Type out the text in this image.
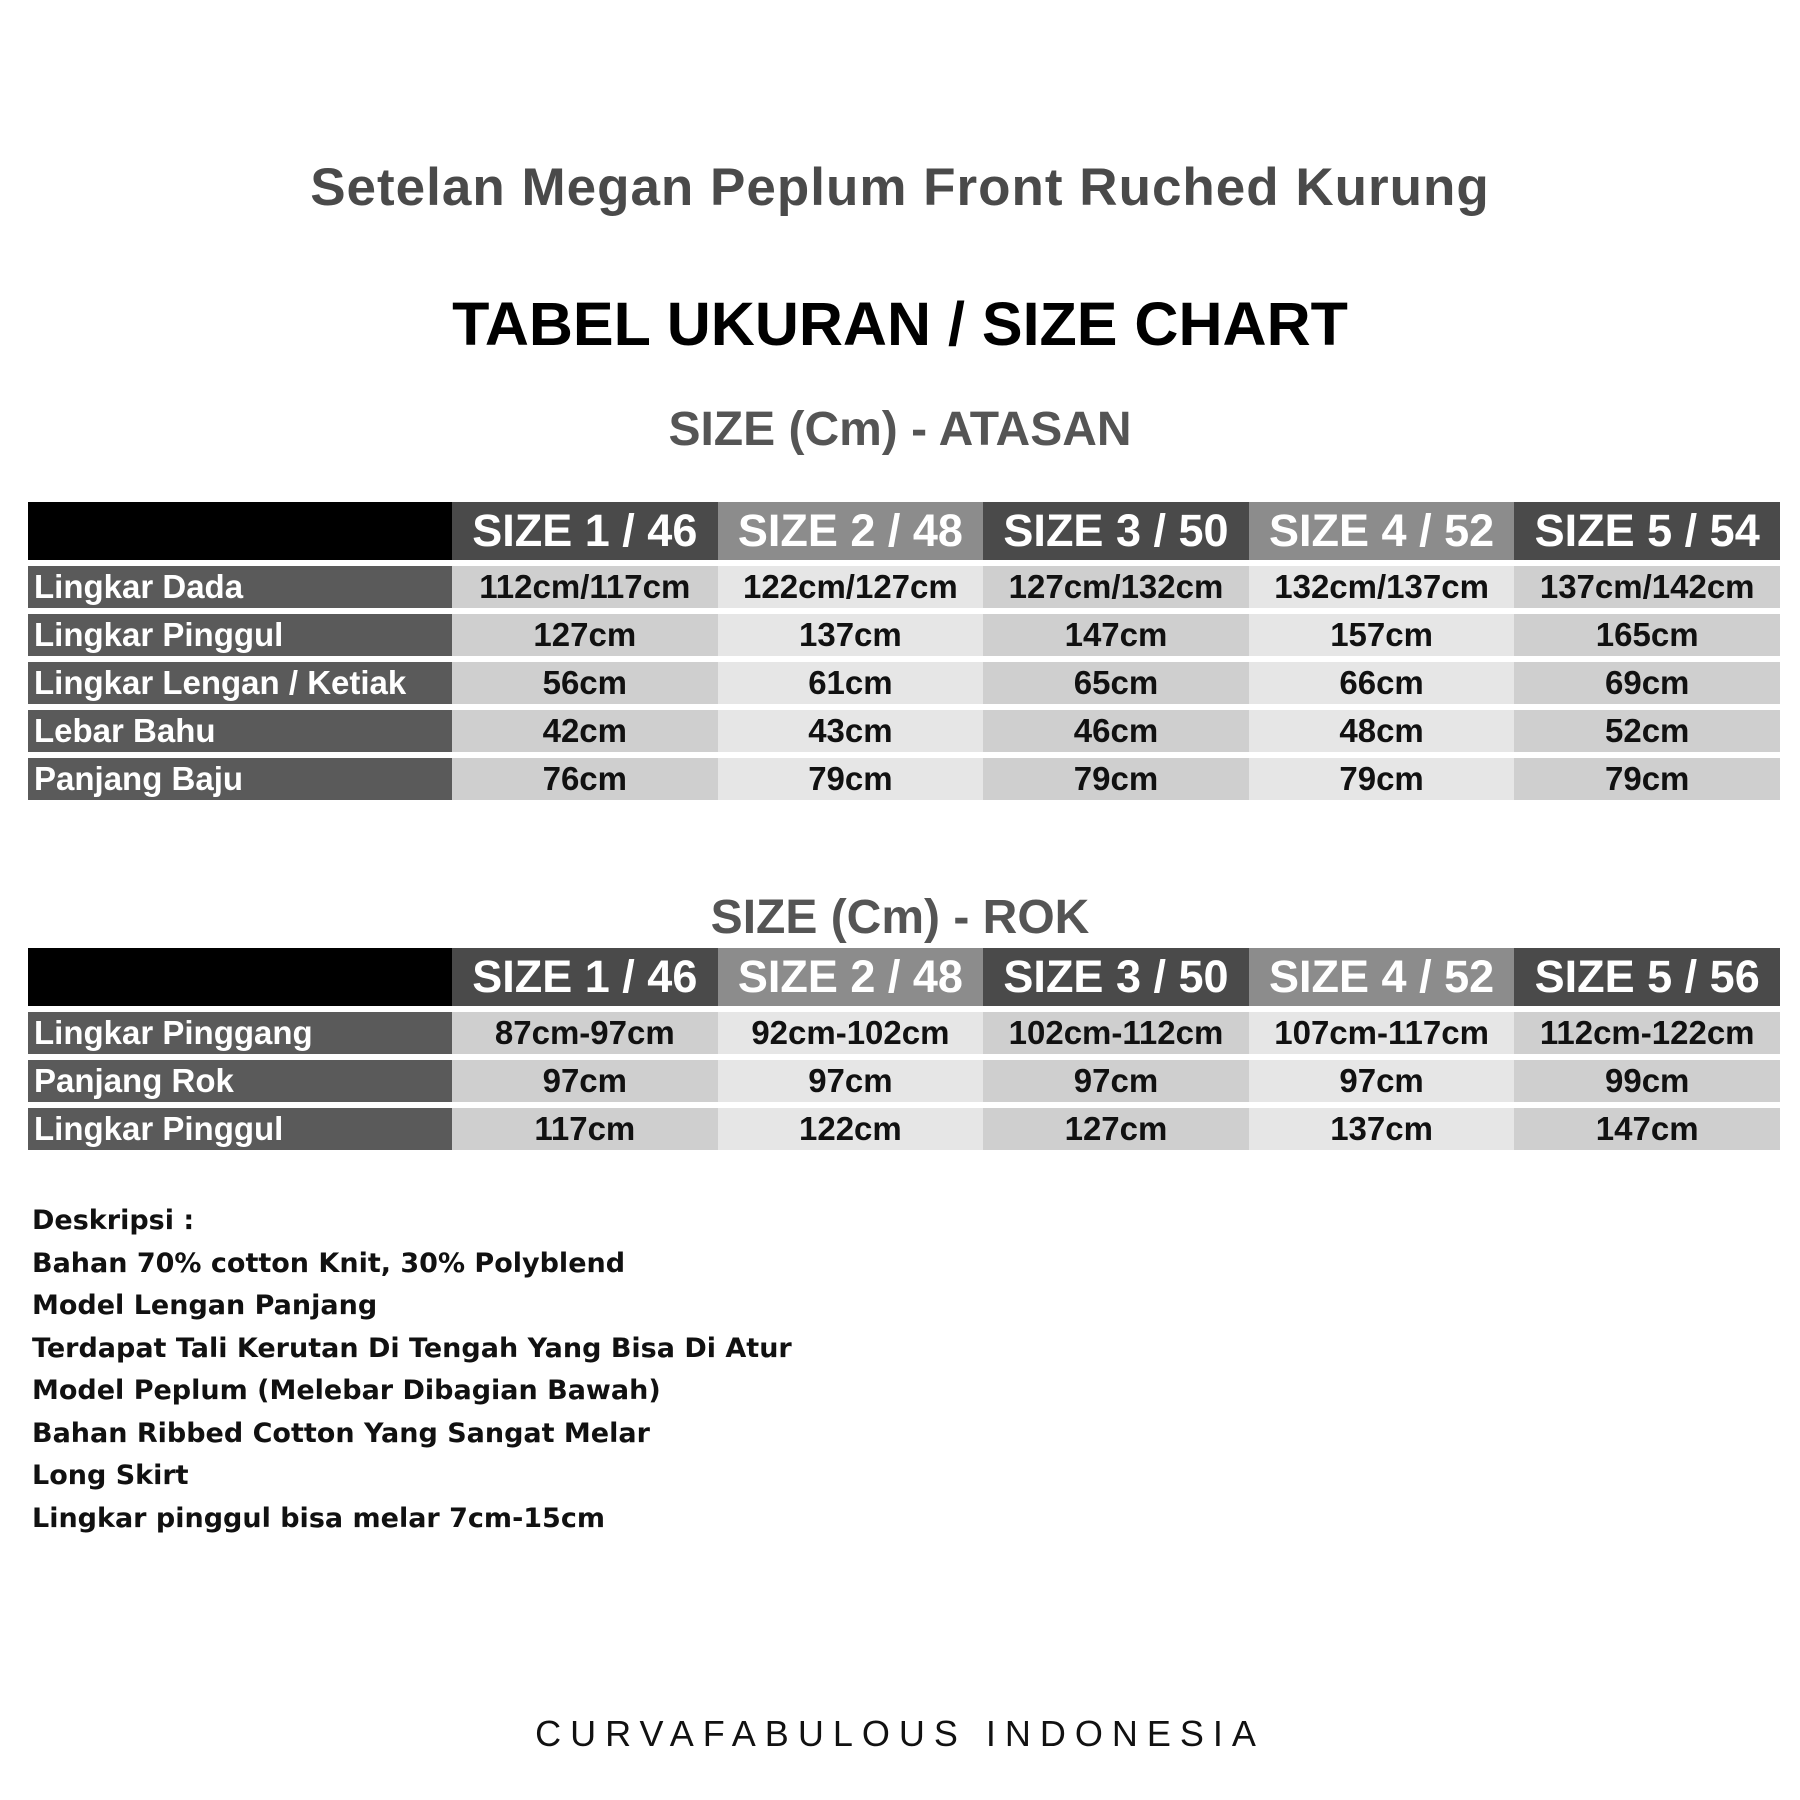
Setelan Megan Peplum Front Ruched Kurung
TABEL UKURAN / SIZE CHART
SIZE (Cm) - ATASAN
	SIZE 1 / 46	SIZE 2 / 48	SIZE 3 / 50	SIZE 4 / 52	SIZE 5 / 54
Lingkar Dada	112cm/117cm	122cm/127cm	127cm/132cm	132cm/137cm	137cm/142cm
Lingkar Pinggul	127cm	137cm	147cm	157cm	165cm
Lingkar Lengan / Ketiak	56cm	61cm	65cm	66cm	69cm
Lebar Bahu	42cm	43cm	46cm	48cm	52cm
Panjang Baju	76cm	79cm	79cm	79cm	79cm
SIZE (Cm) - ROK
	SIZE 1 / 46	SIZE 2 / 48	SIZE 3 / 50	SIZE 4 / 52	SIZE 5 / 56
Lingkar Pinggang	87cm-97cm	92cm-102cm	102cm-112cm	107cm-117cm	112cm-122cm
Panjang Rok	97cm	97cm	97cm	97cm	99cm
Lingkar Pinggul	117cm	122cm	127cm	137cm	147cm
Deskripsi :
Bahan 70% cotton Knit, 30% Polyblend
Model Lengan Panjang
Terdapat Tali Kerutan Di Tengah Yang Bisa Di Atur
Model Peplum (Melebar Dibagian Bawah)
Bahan Ribbed Cotton Yang Sangat Melar
Long Skirt
Lingkar pinggul bisa melar 7cm-15cm
CURVAFABULOUS INDONESIA
